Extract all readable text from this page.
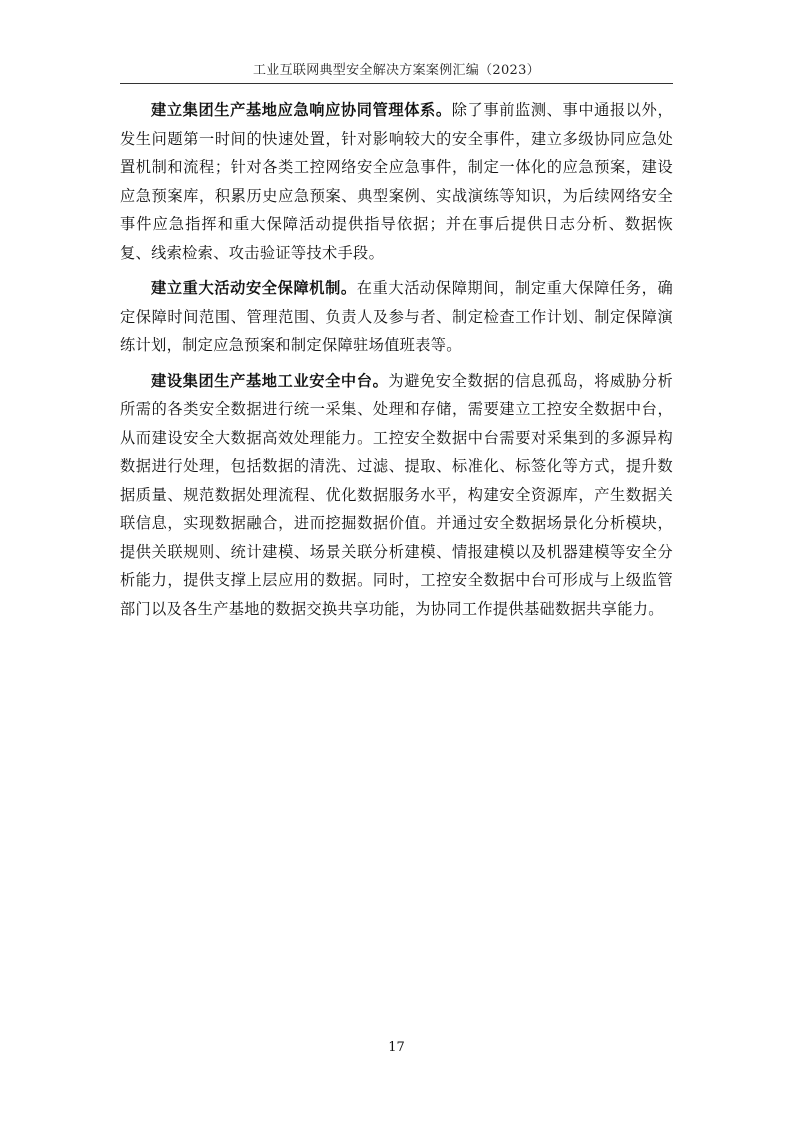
工业互联网典型安全解决方案案例汇编（2023）

建立集团生产基地应急响应协同管理体系。除了事前监测、事中通报以外，发生问题第一时间的快速处置，针对影响较大的安全事件，建立多级协同应急处置机制和流程；针对各类工控网络安全应急事件，制定一体化的应急预案，建设应急预案库，积累历史应急预案、典型案例、实战演练等知识，为后续网络安全事件应急指挥和重大保障活动提供指导依据；并在事后提供日志分析、数据恢复、线索检索、攻击验证等技术手段。

建立重大活动安全保障机制。在重大活动保障期间，制定重大保障任务，确定保障时间范围、管理范围、负责人及参与者、制定检查工作计划、制定保障演练计划，制定应急预案和制定保障驻场值班表等。

建设集团生产基地工业安全中台。为避免安全数据的信息孤岛，将威胁分析所需的各类安全数据进行统一采集、处理和存储，需要建立工控安全数据中台，从而建设安全大数据高效处理能力。工控安全数据中台需要对采集到的多源异构数据进行处理，包括数据的清洗、过滤、提取、标准化、标签化等方式，提升数据质量、规范数据处理流程、优化数据服务水平，构建安全资源库，产生数据关联信息，实现数据融合，进而挖掘数据价值。并通过安全数据场景化分析模块，提供关联规则、统计建模、场景关联分析建模、情报建模以及机器建模等安全分析能力，提供支撑上层应用的数据。同时，工控安全数据中台可形成与上级监管部门以及各生产基地的数据交换共享功能，为协同工作提供基础数据共享能力。

17
